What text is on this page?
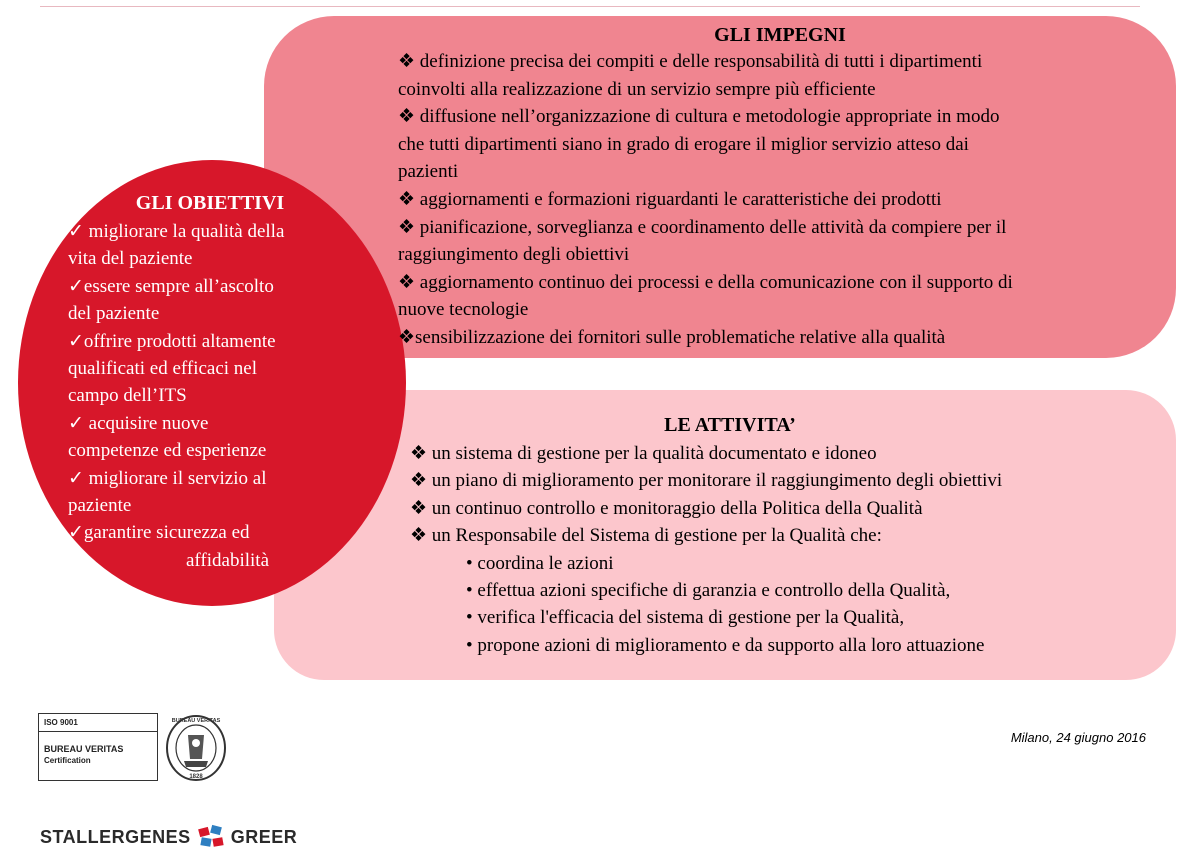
GLI IMPEGNI
❖ definizione precisa dei compiti e delle responsabilità di tutti i dipartimenti
coinvolti alla realizzazione di un servizio sempre più efficiente
❖ diffusione nell’organizzazione di cultura e metodologie appropriate in modo
che tutti dipartimenti siano in grado di erogare il miglior servizio atteso dai
pazienti
❖ aggiornamenti e formazioni riguardanti le caratteristiche dei prodotti
❖ pianificazione, sorveglianza e coordinamento delle attività da compiere per il
raggiungimento degli obiettivi
❖ aggiornamento continuo dei processi e della comunicazione con il supporto di
nuove tecnologie
❖sensibilizzazione dei fornitori sulle problematiche relative alla qualità
GLI OBIETTIVI
✓ migliorare la qualità della
vita del paziente
✓essere sempre all’ascolto
del paziente
✓offrire prodotti altamente
qualificati ed efficaci nel
campo dell’ITS
✓ acquisire nuove
competenze ed esperienze
✓ migliorare il servizio al
paziente
✓garantire sicurezza ed
affidabilità
LE ATTIVITA’
❖ un sistema di gestione per la qualità documentato e idoneo
❖ un piano di miglioramento per monitorare il raggiungimento degli obiettivi
❖ un continuo controllo e monitoraggio della Politica della Qualità
❖ un Responsabile del Sistema di gestione per la Qualità che:
• coordina le azioni
• effettua azioni specifiche di garanzia e controllo della Qualità,
• verifica l'efficacia del sistema di gestione per la Qualità,
• propone azioni di miglioramento e da supporto alla loro attuazione
Milano, 24 giugno 2016
ISO 9001
BUREAU VERITAS
Certification
BUREAU VERITAS
1828
STALLERGENES GREER
